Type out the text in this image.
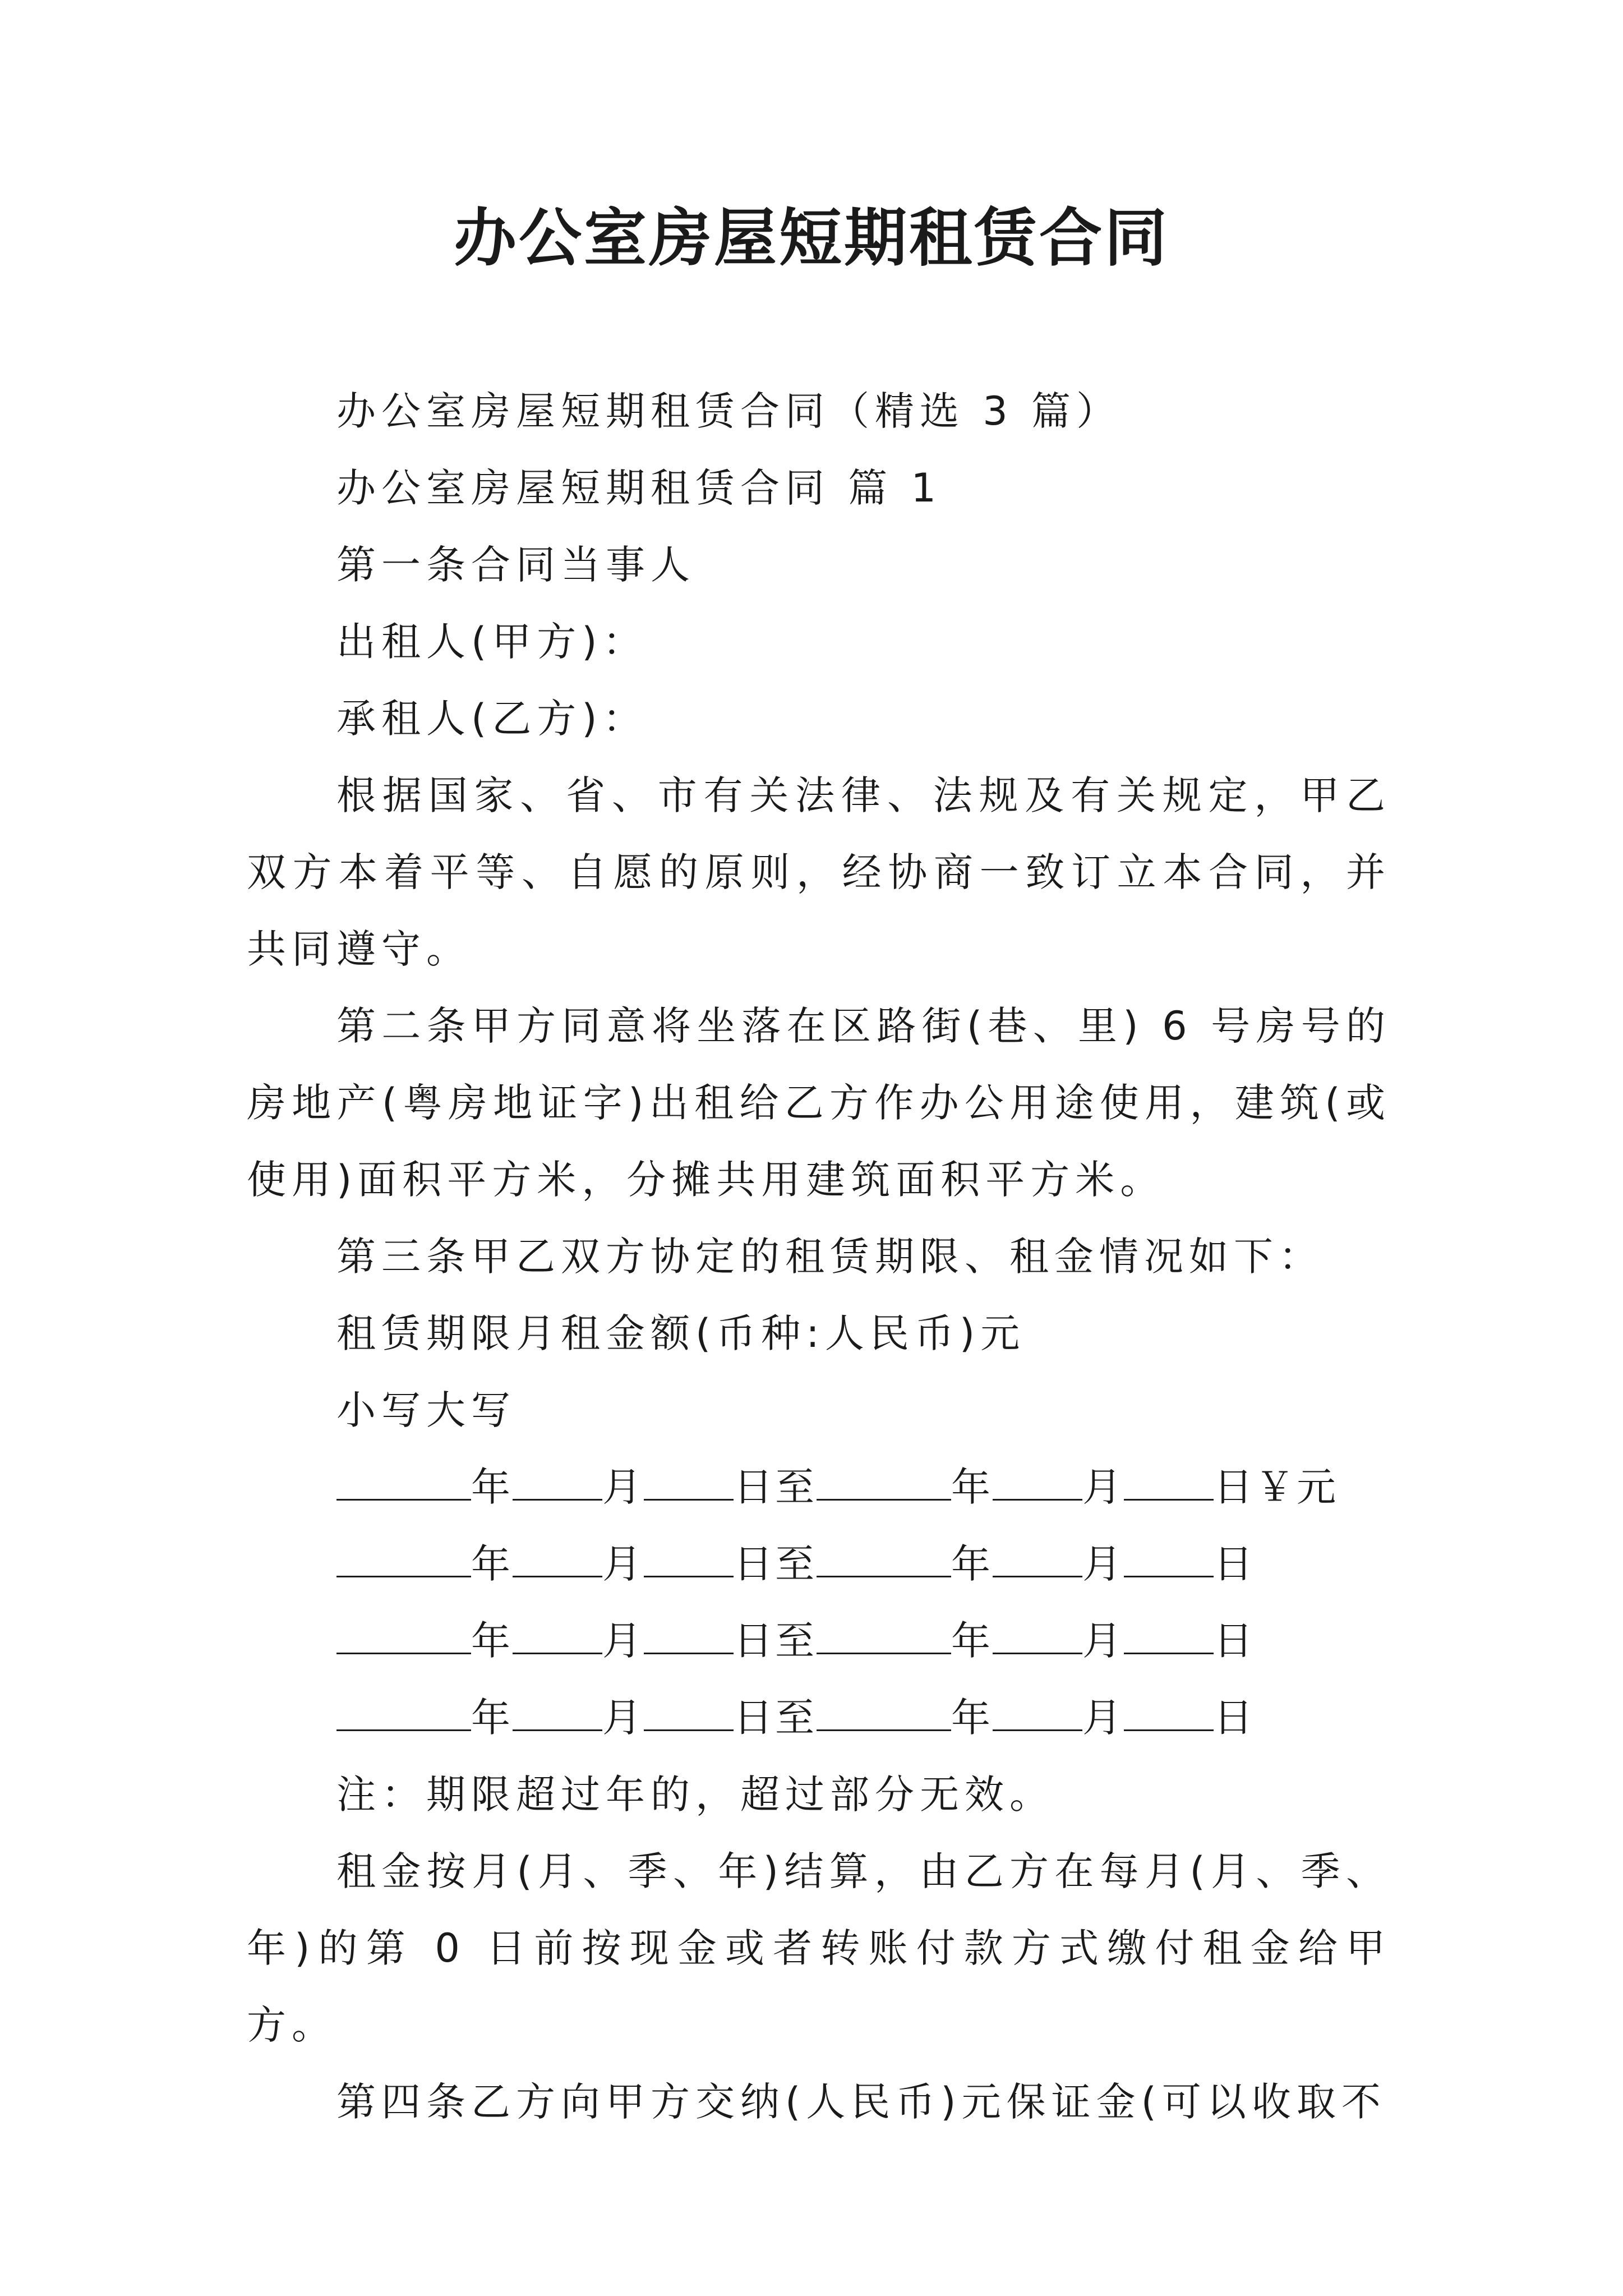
办公室房屋短期租赁合同

办公室房屋短期租赁合同（精选 3 篇）

办公室房屋短期租赁合同 篇 1

第一条合同当事人

出租人(甲方)：

承租人(乙方)：

根据国家、省、市有关法律、法规及有关规定，甲乙双方本着平等、自愿的原则，经协商一致订立本合同，并共同遵守。

第二条甲方同意将坐落在区路街(巷、里) 6 号房号的房地产(粤房地证字)出租给乙方作办公用途使用，建筑(或使用)面积平方米，分摊共用建筑面积平方米。

第三条甲乙双方协定的租赁期限、租金情况如下：

租赁期限月租金额(币种:人民币)元

小写大写

年 月 日至	年 月 日￥元

年 月 日至	年 月 日

年 月 日至	年 月 日

年 月 日至	年 月 日

注：期限超过年的，超过部分无效。

租金按月(月、季、年)结算，由乙方在每月(月、季、年)的第 0 日前按现金或者转账付款方式缴付租金给甲方。

第四条乙方向甲方交纳(人民币)元保证金(可以收取不
